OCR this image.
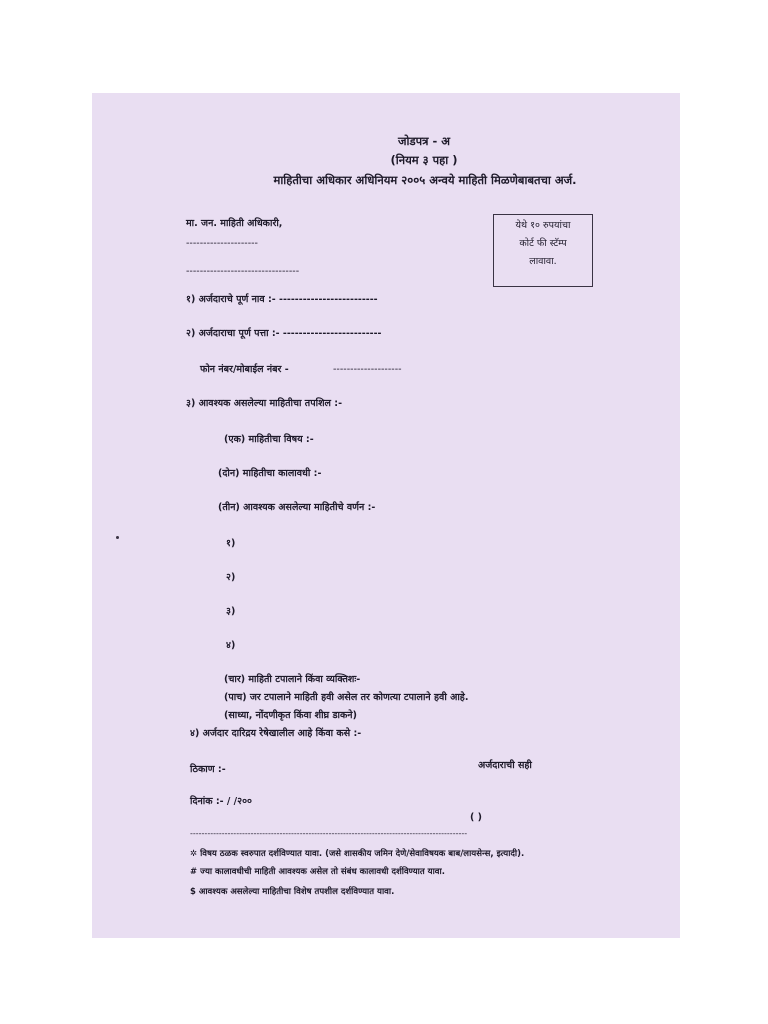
जोडपत्र - अ
(नियम ३ पहा )
माहितीचा अधिकार अधिनियम २००५ अन्वये माहिती मिळणेबाबतचा अर्ज.
मा. जन. माहिती अधिकारी,
---------------------
---------------------------------
येथे १० रुपयांचा
कोर्ट फी स्टॅम्प
लावावा.
१) अर्जदाराचे पूर्ण नाव :- -------------------------
२) अर्जदाराचा पूर्ण पत्ता :- -------------------------
फोन नंबर/मोबाईल नंबर -	--------------------
३) आवश्यक असलेल्या माहितीचा तपशिल :-
(एक) माहितीचा विषय :-
(दोन) माहितीचा कालावधी :-
(तीन) आवश्यक असलेल्या माहितीचे वर्णन :-
१)
२)
३)
४)
(चार) माहिती टपालाने किंवा व्यक्तिशः-
(पाच) जर टपालाने माहिती हवी असेल तर कोणत्या टपालाने हवी आहे.
(साध्या, नोंदणीकृत किंवा शीघ्र डाकने)
४) अर्जदार दारिद्रय रेषेखालील आहे किंवा कसे :-
ठिकाण :-	अर्जदाराची सही
दिनांक :- / /२००
( )
------------------------------------------------------------------------------------------------
✲ विषय ठळक स्वरुपात दर्शविण्यात यावा. (जसे शासकीय जमिन देणे/सेवाविषयक बाब/लायसेन्स, इत्यादी).
# ज्या कालावधीची माहिती आवश्यक असेल तो संबंध कालावधी दर्शविण्यात यावा.
$ आवश्यक असलेल्या माहितीचा विशेष तपशील दर्शविण्यात यावा.
